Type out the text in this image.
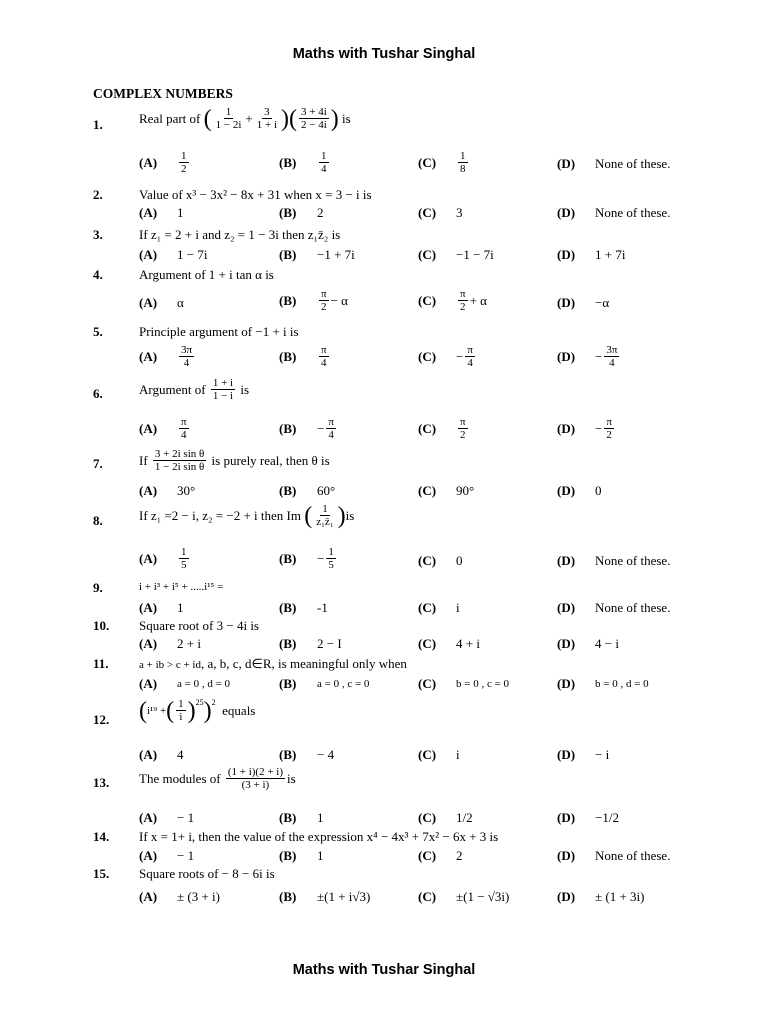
Maths with Tushar Singhal
COMPLEX NUMBERS
1.	Real part of
( $\frac{1}{1 - 2i} + \frac{3}{1 + i}$ ) ( $\frac{3 + 4i}{2 - 4i}$ )
is
(A)	$\frac{1}{2}$	(B)	$\frac{1}{4}$	(C)	$\frac{1}{8}$	(D)	None of these.
2.	Value of x³ − 3x² − 8x + 31 when x = 3 − i is
(A)	1	(B)	2	(C)	3	(D)	None of these.
3.	If z₁ = 2 + i and z₂ = 1 − 3i then z₁z̄₂ is
(A)	1 − 7i	(B)	−1 + 7i	(C)	−1 − 7i	(D)	1 + 7i
4.	Argument of 1 + i tan α is
(A)	α	(B)	$\frac{\pi}{2} - \alpha$	(C)	$\frac{\pi}{2} + \alpha$	(D)	−α
5.	Principle argument of −1 + i is
(A)	$\frac{3\pi}{4}$	(B)	$\frac{\pi}{4}$	(C)	− $\frac{\pi}{4}$	(D)	− $\frac{3\pi}{4}$
6.	Argument of
$\frac{1 + i}{1 - i}$
is
(A)	$\frac{\pi}{4}$	(B)	− $\frac{\pi}{4}$	(C)	$\frac{\pi}{2}$	(D)	− $\frac{\pi}{2}$
7.	If
$\frac{\text{3 + 2i sin θ}}{\text{1 − 2i sin θ}}$
is purely real, then θ is
(A)	30°	(B)	60°	(C)	90°	(D)	0
8.	If z₁ =2 − i, z₂ = −2 + i then Im
( $\frac{1}{\text{z₁z̄₁}}$ ) is
(A)	$\frac{1}{5}$	(B)	− $\frac{1}{5}$	(C)	0	(D)	None of these.
9.	i + i³ + i⁵ + .....i¹⁵ =
(A)	1	(B)	-1	(C)	i	(D)	None of these.
10. Square root of 3 − 4i is
(A)	2 + i	(B)	2 − I	(C)	4 + i	(D)	4 − i
11.	a + ib > c + id, a, b, c, d∈R, is meaningful only when
(A)	a = 0 , d = 0	(B)	a = 0 , c = 0	(C)	b = 0 , c = 0	(D)	b = 0 , d = 0
12. ( i¹⁹ + ( $\frac{1}{i} )^{25}$ )$^2$
equals
(A)	4	(B)	− 4	(C)	i	(D)	− i
13. The modules of
$\frac{(1 + i)(2 + i)}{(3 + i)}$ is
(A)	− 1	(B)	1	(C)	1/2	(D)	−1/2
14. If x = 1+ i, then the value of the expression x⁴ − 4x³ + 7x² − 6x + 3 is
(A)	− 1	(B)	1	(C)	2	(D)	None of these.
15. Square roots of − 8 − 6i is
(A)	± (3 + i)	(B)	±(1 + i√3)	(C)	±(1 − √3i)	(D)	± (1 + 3i)
Maths with Tushar Singhal
